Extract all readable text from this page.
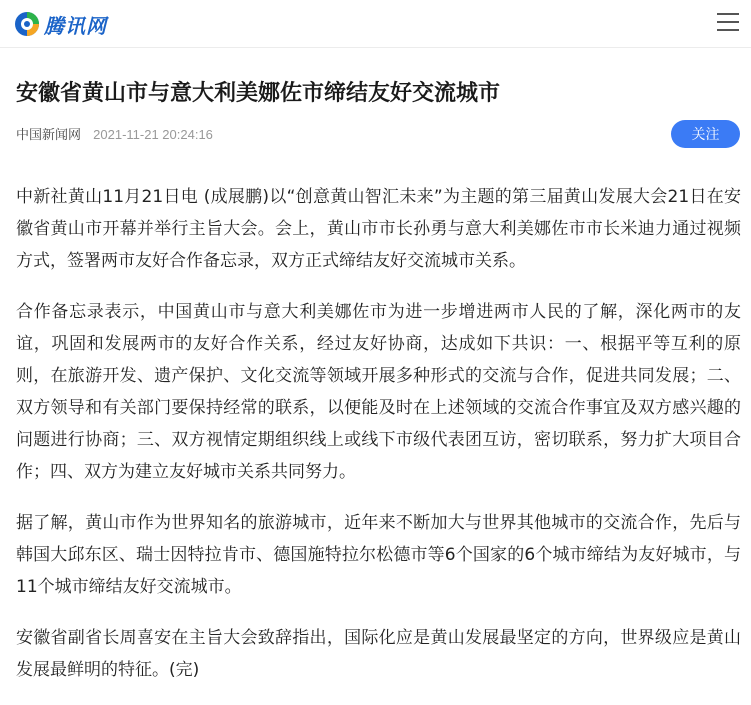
腾讯网
安徽省黄山市与意大利美娜佐市缔结友好交流城市
中国新闻网 2021-11-21 20:24:16	关注

中新社黄山11月21日电 (成展鹏)以“创意黄山智汇未来”为主题的第三届黄山发展大会21日在安徽省黄山市开幕并举行主旨大会。会上，黄山市市长孙勇与意大利美娜佐市市长米迪力通过视频方式，签署两市友好合作备忘录，双方正式缔结友好交流城市关系。

合作备忘录表示，中国黄山市与意大利美娜佐市为进一步增进两市人民的了解，深化两市的友谊，巩固和发展两市的友好合作关系，经过友好协商，达成如下共识：一、根据平等互利的原则，在旅游开发、遗产保护、文化交流等领域开展多种形式的交流与合作，促进共同发展；二、双方领导和有关部门要保持经常的联系，以便能及时在上述领域的交流合作事宜及双方感兴趣的问题进行协商；三、双方视情定期组织线上或线下市级代表团互访，密切联系，努力扩大项目合作；四、双方为建立友好城市关系共同努力。

据了解，黄山市作为世界知名的旅游城市，近年来不断加大与世界其他城市的交流合作，先后与韩国大邱东区、瑞士因特拉肯市、德国施特拉尔松德市等6个国家的6个城市缔结为友好城市，与11个城市缔结友好交流城市。

安徽省副省长周喜安在主旨大会致辞指出，国际化应是黄山发展最坚定的方向，世界级应是黄山发展最鲜明的特征。(完)
